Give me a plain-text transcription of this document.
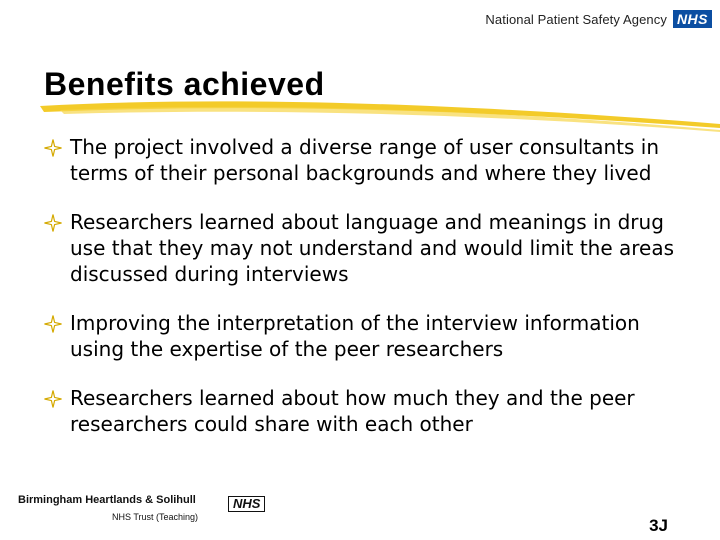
National Patient Safety Agency NHS
Benefits achieved
The project involved a diverse range of user consultants in terms of their personal backgrounds and where they lived
Researchers learned about language and meanings in drug use that they may not understand and would limit the areas discussed during interviews
Improving the interpretation of the interview information using the expertise of the peer researchers
Researchers learned about how much they and the peer researchers could share with each other
Birmingham Heartlands & Solihull
NHS Trust (Teaching)
NHS
3J
